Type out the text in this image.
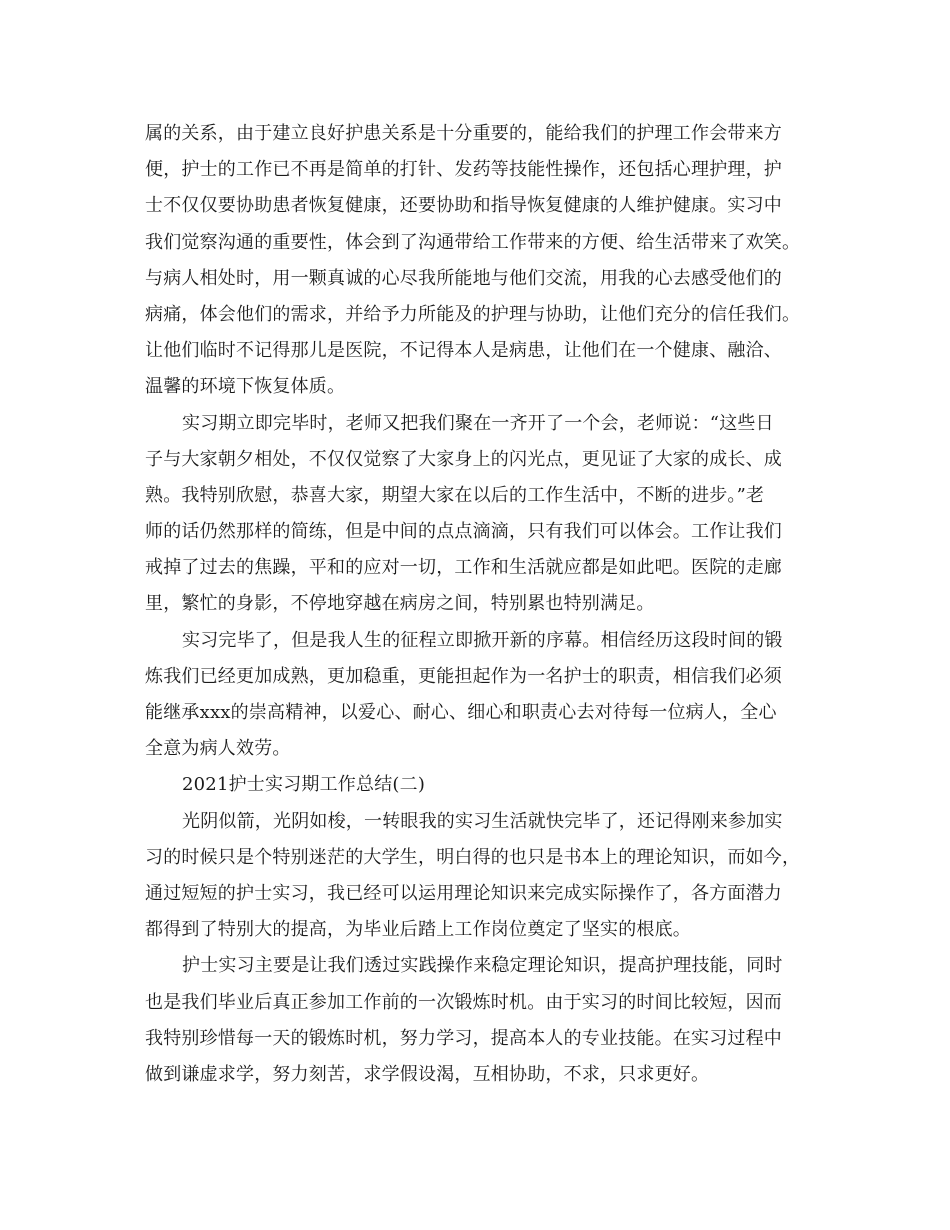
属的关系，由于建立良好护患关系是十分重要的，能给我们的护理工作会带来方
便，护士的工作已不再是简单的打针、发药等技能性操作，还包括心理护理，护
士不仅仅要协助患者恢复健康，还要协助和指导恢复健康的人维护健康。实习中
我们觉察沟通的重要性，体会到了沟通带给工作带来的方便、给生活带来了欢笑。
与病人相处时，用一颗真诚的心尽我所能地与他们交流，用我的心去感受他们的
病痛，体会他们的需求，并给予力所能及的护理与协助，让他们充分的信任我们。
让他们临时不记得那儿是医院，不记得本人是病患，让他们在一个健康、融洽、
温馨的环境下恢复体质。
实习期立即完毕时，老师又把我们聚在一齐开了一个会，老师说：“这些日
子与大家朝夕相处，不仅仅觉察了大家身上的闪光点，更见证了大家的成长、成
熟。我特别欣慰，恭喜大家，期望大家在以后的工作生活中，不断的进步。”老
师的话仍然那样的简练，但是中间的点点滴滴，只有我们可以体会。工作让我们
戒掉了过去的焦躁，平和的应对一切，工作和生活就应都是如此吧。医院的走廊
里，繁忙的身影，不停地穿越在病房之间，特别累也特别满足。
实习完毕了，但是我人生的征程立即掀开新的序幕。相信经历这段时间的锻
炼我们已经更加成熟，更加稳重，更能担起作为一名护士的职责，相信我们必须
能继承xxx的崇高精神，以爱心、耐心、细心和职责心去对待每一位病人，全心
全意为病人效劳。
2021护士实习期工作总结(二)
光阴似箭，光阴如梭，一转眼我的实习生活就快完毕了，还记得刚来参加实
习的时候只是个特别迷茫的大学生，明白得的也只是书本上的理论知识，而如今，
通过短短的护士实习，我已经可以运用理论知识来完成实际操作了，各方面潜力
都得到了特别大的提高，为毕业后踏上工作岗位奠定了坚实的根底。
护士实习主要是让我们透过实践操作来稳定理论知识，提高护理技能，同时
也是我们毕业后真正参加工作前的一次锻炼时机。由于实习的时间比较短，因而
我特别珍惜每一天的锻炼时机，努力学习，提高本人的专业技能。在实习过程中
做到谦虚求学，努力刻苦，求学假设渴，互相协助，不求，只求更好。
